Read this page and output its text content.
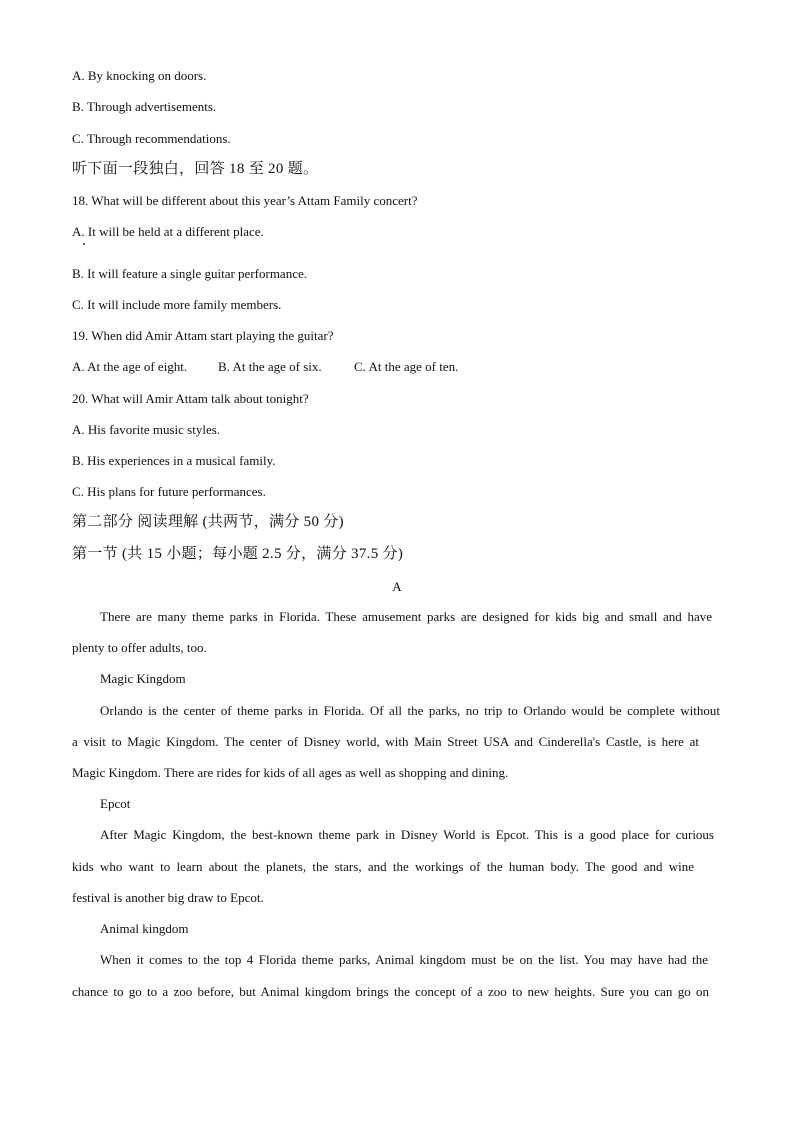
A. By knocking on doors.
B. Through advertisements.
C. Through recommendations.
听下面一段独白，回答 18 至 20 题。
18. What will be different about this year’s Attam Family concert?
A. It will be held at a different place.
B. It will feature a single guitar performance.
C. It will include more family members.
19. When did Amir Attam start playing the guitar?
A. At the age of eight. B. At the age of six. C. At the age of ten.
20. What will Amir Attam talk about tonight?
A. His favorite music styles.
B. His experiences in a musical family.
C. His plans for future performances.
第二部分 阅读理解 (共两节，满分 50 分)
第一节 (共 15 小题；每小题 2.5 分，满分 37.5 分)
A
There are many theme parks in Florida. These amusement parks are designed for kids big and small and have
plenty to offer adults, too.
Magic Kingdom
Orlando is the center of theme parks in Florida. Of all the parks, no trip to Orlando would be complete without
a visit to Magic Kingdom. The center of Disney world, with Main Street USA and Cinderella's Castle, is here at
Magic Kingdom. There are rides for kids of all ages as well as shopping and dining.
Epcot
After Magic Kingdom, the best-known theme park in Disney World is Epcot. This is a good place for curious
kids who want to learn about the planets, the stars, and the workings of the human body. The good and wine
festival is another big draw to Epcot.
Animal kingdom
When it comes to the top 4 Florida theme parks, Animal kingdom must be on the list. You may have had the
chance to go to a zoo before, but Animal kingdom brings the concept of a zoo to new heights. Sure you can go on
